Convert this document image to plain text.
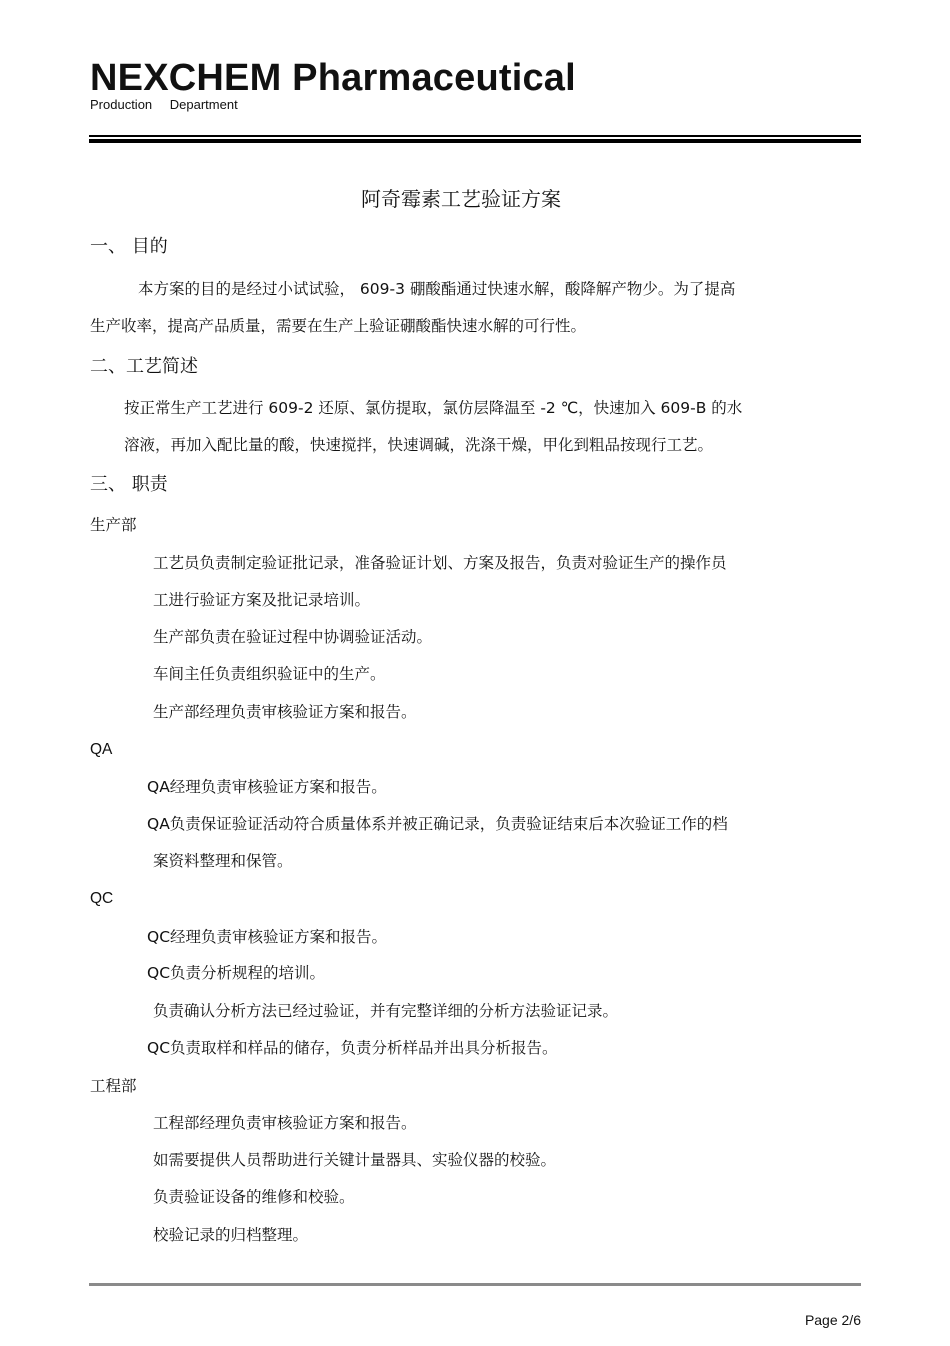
NEXCHEM Pharmaceutical
Production Department
阿奇霉素工艺验证方案
一、 目的
本方案的目的是经过小试试验， 609-3 硼酸酯通过快速水解，酸降解产物少。为了提高
生产收率，提高产品质量，需要在生产上验证硼酸酯快速水解的可行性。
二、工艺简述
按正常生产工艺进行 609-2 还原、氯仿提取，氯仿层降温至 -2 ℃，快速加入 609-B 的水
溶液，再加入配比量的酸，快速搅拌，快速调碱，洗涤干燥，甲化到粗品按现行工艺。
三、 职责
生产部
工艺员负责制定验证批记录，准备验证计划、方案及报告，负责对验证生产的操作员
工进行验证方案及批记录培训。
生产部负责在验证过程中协调验证活动。
车间主任负责组织验证中的生产。
生产部经理负责审核验证方案和报告。
QA
QA经理负责审核验证方案和报告。
QA负责保证验证活动符合质量体系并被正确记录，负责验证结束后本次验证工作的档
案资料整理和保管。
QC
QC经理负责审核验证方案和报告。
QC负责分析规程的培训。
负责确认分析方法已经过验证，并有完整详细的分析方法验证记录。
QC负责取样和样品的储存，负责分析样品并出具分析报告。
工程部
工程部经理负责审核验证方案和报告。
如需要提供人员帮助进行关键计量器具、实验仪器的校验。
负责验证设备的维修和校验。
校验记录的归档整理。
Page 2/6
